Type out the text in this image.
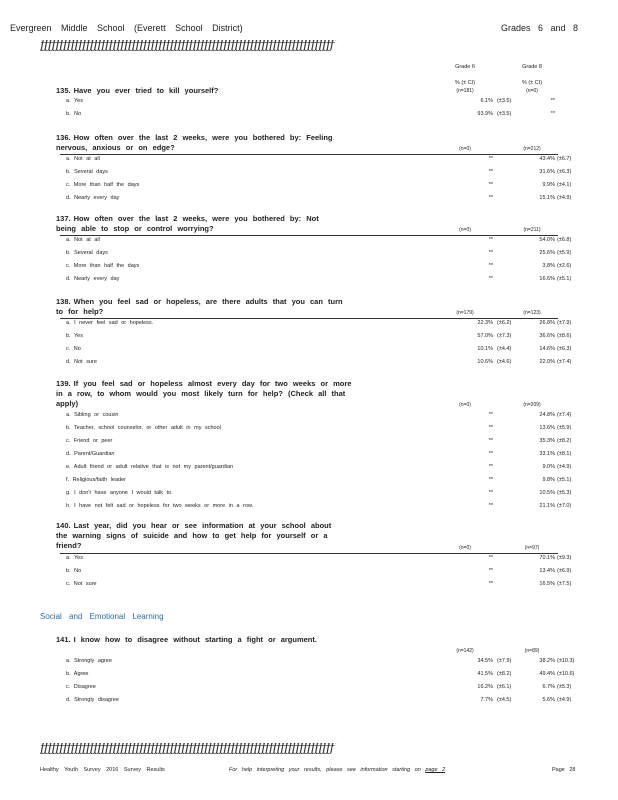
Evergreen Middle School (Everett School District)	Grades 6 and 8
ƒƒƒƒƒƒƒƒƒƒƒƒƒƒƒƒƒƒƒƒƒƒƒƒƒƒƒƒƒƒƒƒƒƒƒƒƒƒƒƒƒƒƒƒƒƒƒƒƒƒƒƒƒƒƒƒƒƒƒƒƒƒƒƒƒƒƒƒƒƒƒƒƒƒƒƒƒ
Grade 6	Grade 8
% (± CI)	% (± CI)
135. Have you ever tried to kill yourself?	(n=181)	(n=0)
a. Yes	6.1% (±3.5)	**
b. No	93.9% (±3.5)	**
136. How often over the last 2 weeks, were you bothered by: Feeling nervous, anxious or on edge?	(n=0)	(n=212)
a. Not at all	**	43.4% (±6.7)
b. Several days	**	31.6% (±6.3)
c. More than half the days	**	9.9% (±4.1)
d. Nearly every day	**	15.1% (±4.9)
137. How often over the last 2 weeks, were you bothered by: Not being able to stop or control worrying?	(n=0)	(n=211)
a. Not at all	**	54.0% (±6.8)
b. Several days	**	25.6% (±5.9)
c. More than half the days	**	3.8% (±2.6)
d. Nearly every day	**	16.6% (±5.1)
138. When you feel sad or hopeless, are there adults that you can turn to for help?	(n=179)	(n=123)
a. I never feel sad or hopeless.	22.3% (±6.2)	26.8% (±7.9)
b. Yes	57.0% (±7.3)	36.6% (±8.6)
c. No	10.1% (±4.4)	14.6% (±6.3)
d. Not sure	10.6% (±4.6)	22.0% (±7.4)
139. If you feel sad or hopeless almost every day for two weeks or more in a row, to whom would you most likely turn for help? (Check all that apply)	(n=0)	(n=209)
a. Sibling or cousin	**	24.8% (±7.4)
b. Teacher, school counselor, or other adult in my school	**	13.6% (±5.9)
c. Friend or peer	**	35.3% (±8.2)
d. Parent/Guardian	**	33.1% (±8.1)
e. Adult friend or adult relative that is not my parent/guardian	**	9.0% (±4.9)
f. Religious/faith leader	**	9.8% (±5.1)
g. I don't have anyone I would talk to.	**	10.5% (±5.3)
h. I have not felt sad or hopeless for two weeks or more in a row.	**	21.1% (±7.0)
140. Last year, did you hear or see information at your school about the warning signs of suicide and how to get help for yourself or a friend?	(n=0)	(n=97)
a. Yes	**	70.1% (±9.3)
b. No	**	13.4% (±6.9)
c. Not sure	**	16.5% (±7.5)
Social and Emotional Learning
141. I know how to disagree without starting a fight or argument.
(n=142)	(n=89)
a. Strongly agree	34.5% (±7.9)	38.2% (±10.3)
b. Agree	41.5% (±8.2)	49.4% (±10.6)
c. Disagree	16.2% (±6.1)	6.7% (±5.3)
d. Strongly disagree	7.7% (±4.5)	5.6% (±4.9)
ƒƒƒƒƒƒƒƒƒƒƒƒƒƒƒƒƒƒƒƒƒƒƒƒƒƒƒƒƒƒƒƒƒƒƒƒƒƒƒƒƒƒƒƒƒƒƒƒƒƒƒƒƒƒƒƒƒƒƒƒƒƒƒƒƒƒƒƒƒƒƒƒƒƒƒƒƒ
Healthy Youth Survey 2016 Survey Results	For help interpreting your results, please see information starting on page 2	Page 28
